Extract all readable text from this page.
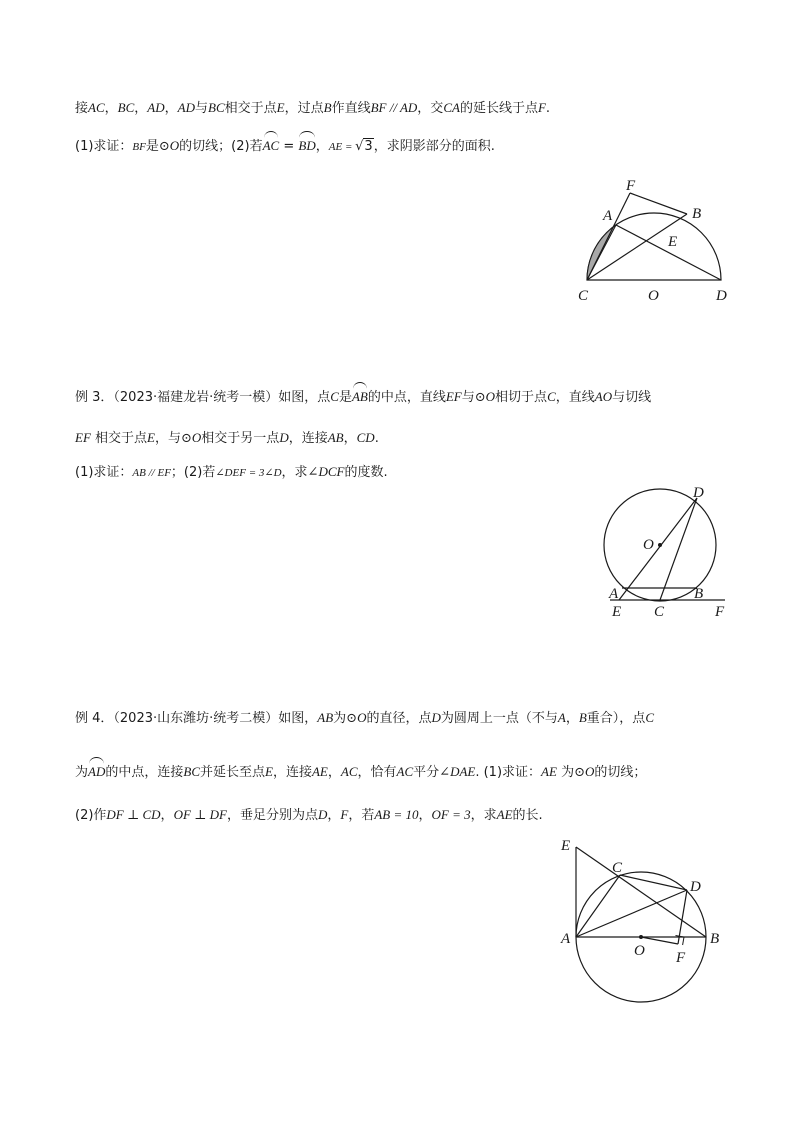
接AC，BC，AD，AD与BC相交于点E，过点B作直线BF // AD，交CA的延长线于点F.
(1)求证：BF是⊙O的切线；(2)若AC = BD，AE = √3，求阴影部分的面积.
F
A	B
E
C	O	D
例 3．（2023·福建龙岩·统考一模）如图，点C是AB的中点，直线EF与⊙O相切于点C，直线AO与切线
EF 相交于点E，与⊙O相交于另一点D，连接AB，CD.
(1)求证：AB // EF；(2)若∠DEF = 3∠D，求∠DCF的度数.
D
O
A	B
E C	F
例 4．（2023·山东潍坊·统考二模）如图，AB为⊙O的直径，点D为圆周上一点（不与A，B重合），点C
为AD的中点，连接BC并延长至点E，连接AE，AC，恰有AC平分∠DAE. (1)求证：AE 为⊙O的切线；
(2)作DF ⊥ CD，OF ⊥ DF，垂足分别为点D，F，若AB = 10，OF = 3，求AE的长.
E
C
D
A
O
B
F
